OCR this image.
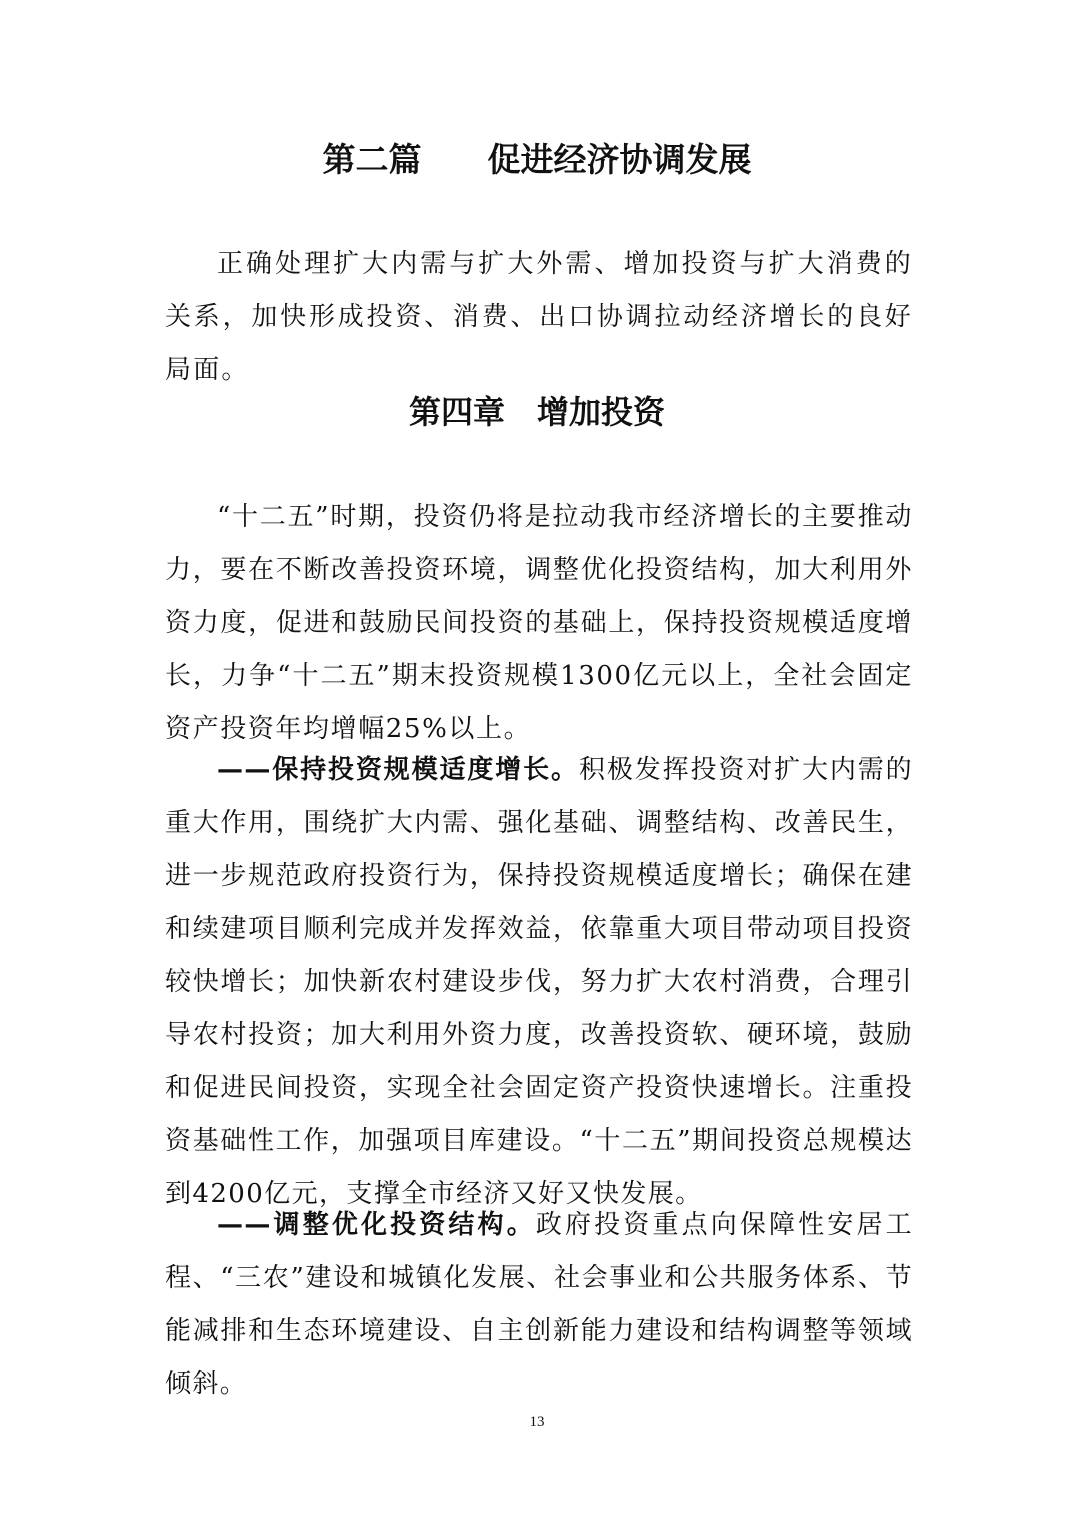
第二篇　　促进经济协调发展

正确处理扩大内需与扩大外需、增加投资与扩大消费的关系，加快形成投资、消费、出口协调拉动经济增长的良好局面。

第四章　增加投资

“十二五”时期，投资仍将是拉动我市经济增长的主要推动力，要在不断改善投资环境，调整优化投资结构，加大利用外资力度，促进和鼓励民间投资的基础上，保持投资规模适度增长，力争“十二五”期末投资规模1300亿元以上，全社会固定资产投资年均增幅25%以上。

——保持投资规模适度增长。积极发挥投资对扩大内需的重大作用，围绕扩大内需、强化基础、调整结构、改善民生，进一步规范政府投资行为，保持投资规模适度增长；确保在建和续建项目顺利完成并发挥效益，依靠重大项目带动项目投资较快增长；加快新农村建设步伐，努力扩大农村消费，合理引导农村投资；加大利用外资力度，改善投资软、硬环境，鼓励和促进民间投资，实现全社会固定资产投资快速增长。注重投资基础性工作，加强项目库建设。“十二五”期间投资总规模达到4200亿元，支撑全市经济又好又快发展。

——调整优化投资结构。政府投资重点向保障性安居工程、“三农”建设和城镇化发展、社会事业和公共服务体系、节能减排和生态环境建设、自主创新能力建设和结构调整等领域倾斜。

13
